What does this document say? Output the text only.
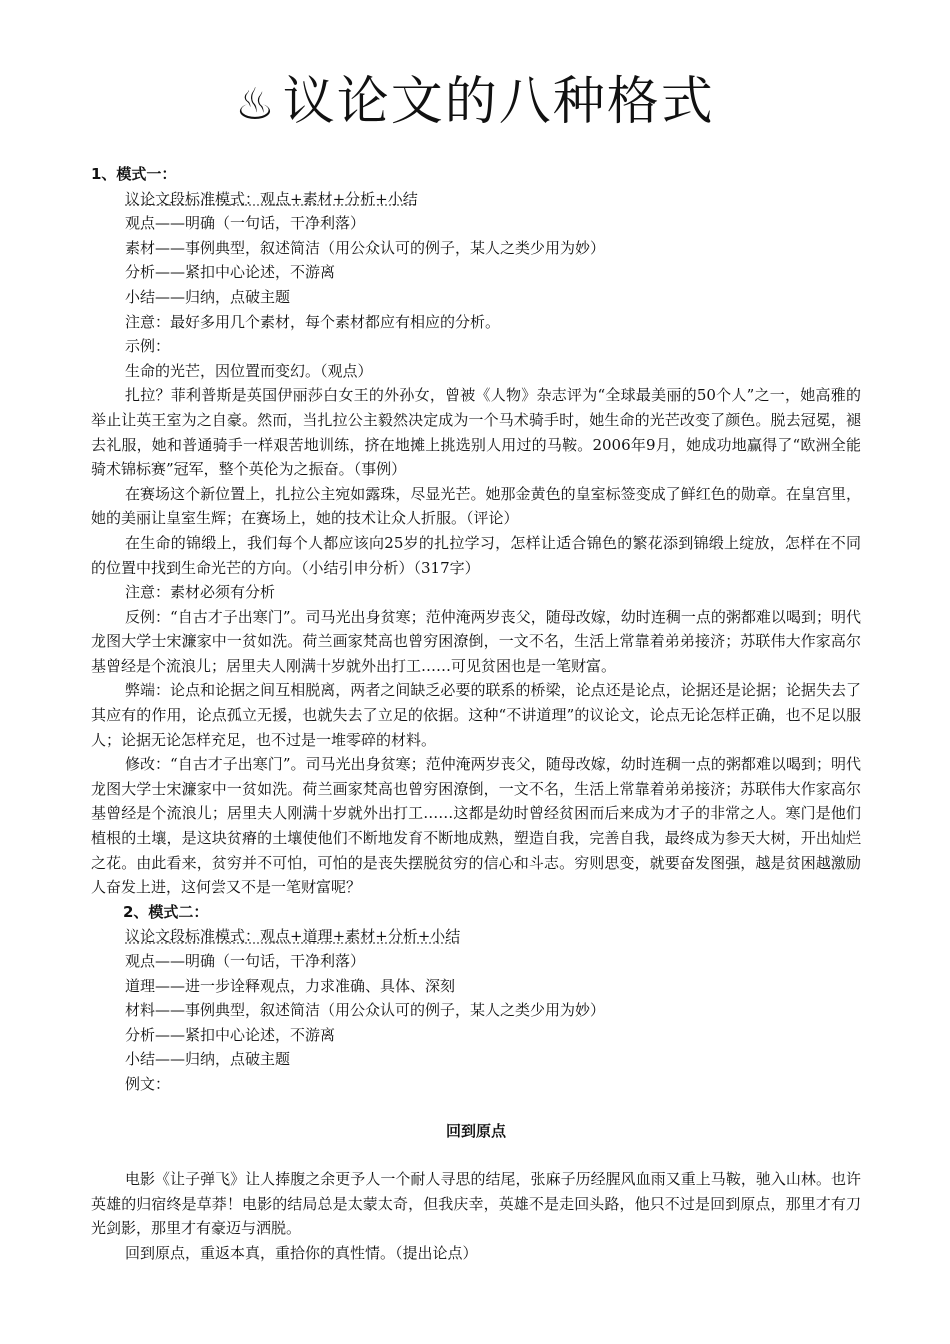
♨ 议论文的八种格式
1、模式一：
议论文段标准模式：观点+素材+分析+小结
观点——明确（一句话，干净利落）
素材——事例典型，叙述简洁（用公众认可的例子，某人之类少用为妙）
分析——紧扣中心论述，不游离
小结——归纳，点破主题
注意：最好多用几个素材，每个素材都应有相应的分析。
示例：
生命的光芒，因位置而变幻。（观点）
扎拉？菲利普斯是英国伊丽莎白女王的外孙女，曾被《人物》杂志评为“全球最美丽的50个人”之一，她高雅的举止让英王室为之自豪。然而，当扎拉公主毅然决定成为一个马术骑手时，她生命的光芒改变了颜色。脱去冠冕，褪去礼服，她和普通骑手一样艰苦地训练，挤在地摊上挑选别人用过的马鞍。2006年9月，她成功地赢得了“欧洲全能骑术锦标赛”冠军，整个英伦为之振奋。（事例）
在赛场这个新位置上，扎拉公主宛如露珠，尽显光芒。她那金黄色的皇室标签变成了鲜红色的勋章。在皇宫里，她的美丽让皇室生辉；在赛场上，她的技术让众人折服。（评论）
在生命的锦缎上，我们每个人都应该向25岁的扎拉学习，怎样让适合锦色的繁花添到锦缎上绽放，怎样在不同的位置中找到生命光芒的方向。（小结引申分析）（317字）
注意：素材必须有分析
反例：“自古才子出寒门”。司马光出身贫寒；范仲淹两岁丧父，随母改嫁，幼时连稠一点的粥都难以喝到；明代龙图大学士宋濂家中一贫如洗。荷兰画家梵高也曾穷困潦倒，一文不名，生活上常靠着弟弟接济；苏联伟大作家高尔基曾经是个流浪儿；居里夫人刚满十岁就外出打工……可见贫困也是一笔财富。
弊端：论点和论据之间互相脱离，两者之间缺乏必要的联系的桥梁，论点还是论点，论据还是论据；论据失去了其应有的作用，论点孤立无援，也就失去了立足的依据。这种“不讲道理”的议论文，论点无论怎样正确，也不足以服人；论据无论怎样充足，也不过是一堆零碎的材料。
修改：“自古才子出寒门”。司马光出身贫寒；范仲淹两岁丧父，随母改嫁，幼时连稠一点的粥都难以喝到；明代龙图大学士宋濂家中一贫如洗。荷兰画家梵高也曾穷困潦倒，一文不名，生活上常靠着弟弟接济；苏联伟大作家高尔基曾经是个流浪儿；居里夫人刚满十岁就外出打工……这都是幼时曾经贫困而后来成为才子的非常之人。寒门是他们植根的土壤，是这块贫瘠的土壤使他们不断地发育不断地成熟，塑造自我，完善自我，最终成为参天大树，开出灿烂之花。由此看来，贫穷并不可怕，可怕的是丧失摆脱贫穷的信心和斗志。穷则思变，就要奋发图强，越是贫困越激励人奋发上进，这何尝又不是一笔财富呢？
2、模式二：
议论文段标准模式：观点+道理+素材+分析+小结
观点——明确（一句话，干净利落）
道理——进一步诠释观点，力求准确、具体、深刻
材料——事例典型，叙述简洁（用公众认可的例子，某人之类少用为妙）
分析——紧扣中心论述，不游离
小结——归纳，点破主题
例文：
回到原点
电影《让子弹飞》让人捧腹之余更予人一个耐人寻思的结尾，张麻子历经腥风血雨又重上马鞍，驰入山林。也许英雄的归宿终是草莽！电影的结局总是太蒙太奇，但我庆幸，英雄不是走回头路，他只不过是回到原点，那里才有刀光剑影，那里才有豪迈与洒脱。
回到原点，重返本真，重拾你的真性情。（提出论点）
